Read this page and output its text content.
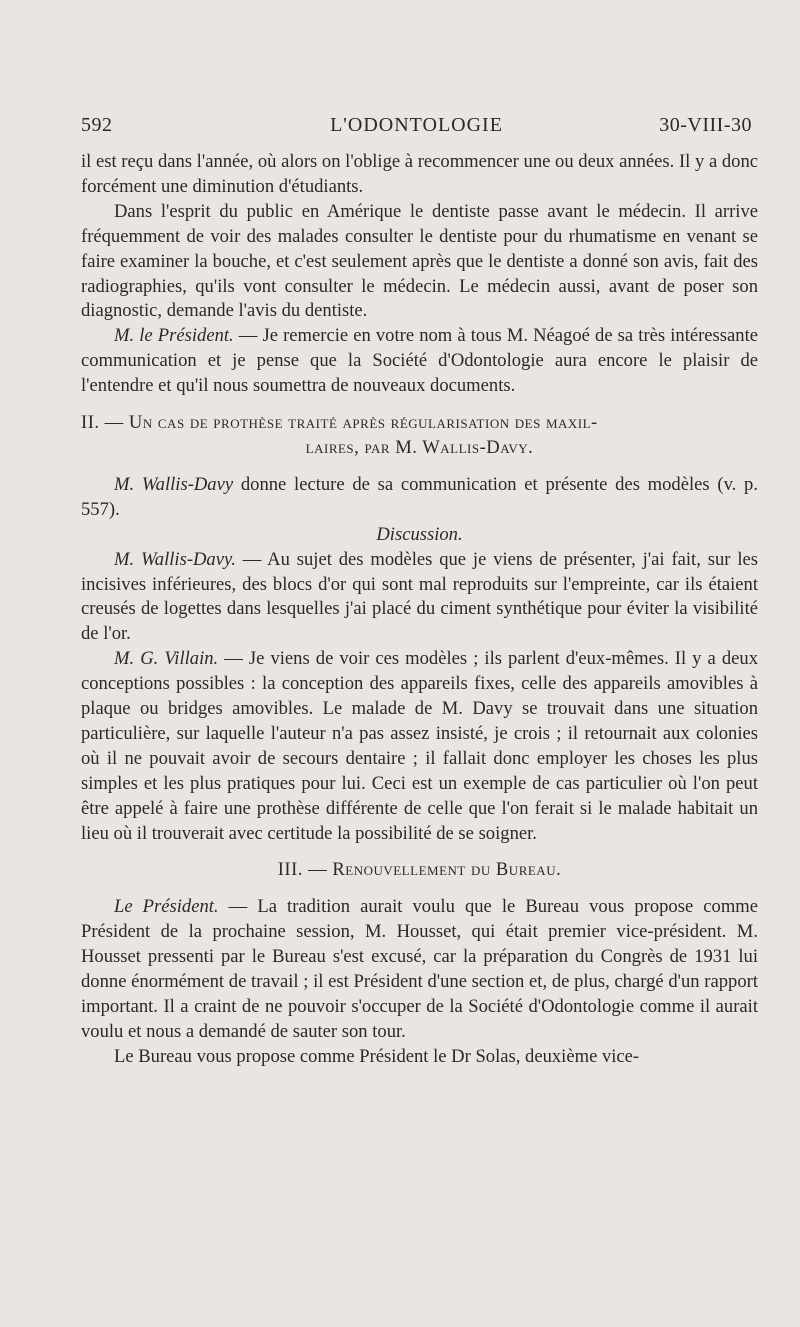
592	L'ODONTOLOGIE	30-VIII-30

il est reçu dans l'année, où alors on l'oblige à recommencer une ou deux années. Il y a donc forcément une diminution d'étudiants.

Dans l'esprit du public en Amérique le dentiste passe avant le médecin. Il arrive fréquemment de voir des malades consulter le dentiste pour du rhumatisme en venant se faire examiner la bouche, et c'est seulement après que le dentiste a donné son avis, fait des radiographies, qu'ils vont consulter le médecin. Le médecin aussi, avant de poser son diagnostic, demande l'avis du dentiste.

M. le Président. — Je remercie en votre nom à tous M. Néagoé de sa très intéressante communication et je pense que la Société d'Odontologie aura encore le plaisir de l'entendre et qu'il nous soumettra de nouveaux documents.

II. — Un cas de prothèse traité après régularisation des maxil-

laires, par M. Wallis-Davy.

M. Wallis-Davy donne lecture de sa communication et présente des modèles (v. p. 557).

Discussion.

M. Wallis-Davy. — Au sujet des modèles que je viens de présenter, j'ai fait, sur les incisives inférieures, des blocs d'or qui sont mal reproduits sur l'empreinte, car ils étaient creusés de logettes dans lesquelles j'ai placé du ciment synthétique pour éviter la visibilité de l'or.

M. G. Villain. — Je viens de voir ces modèles ; ils parlent d'eux-mêmes. Il y a deux conceptions possibles : la conception des appareils fixes, celle des appareils amovibles à plaque ou bridges amovibles. Le malade de M. Davy se trouvait dans une situation particulière, sur laquelle l'auteur n'a pas assez insisté, je crois ; il retournait aux colonies où il ne pouvait avoir de secours dentaire ; il fallait donc employer les choses les plus simples et les plus pratiques pour lui. Ceci est un exemple de cas particulier où l'on peut être appelé à faire une prothèse différente de celle que l'on ferait si le malade habitait un lieu où il trouverait avec certitude la possibilité de se soigner.

III. — Renouvellement du Bureau.

Le Président. — La tradition aurait voulu que le Bureau vous propose comme Président de la prochaine session, M. Housset, qui était premier vice-président. M. Housset pressenti par le Bureau s'est excusé, car la préparation du Congrès de 1931 lui donne énormément de travail ; il est Président d'une section et, de plus, chargé d'un rapport important. Il a craint de ne pouvoir s'occuper de la Société d'Odontologie comme il aurait voulu et nous a demandé de sauter son tour.

Le Bureau vous propose comme Président le Dr Solas, deuxième vice-
